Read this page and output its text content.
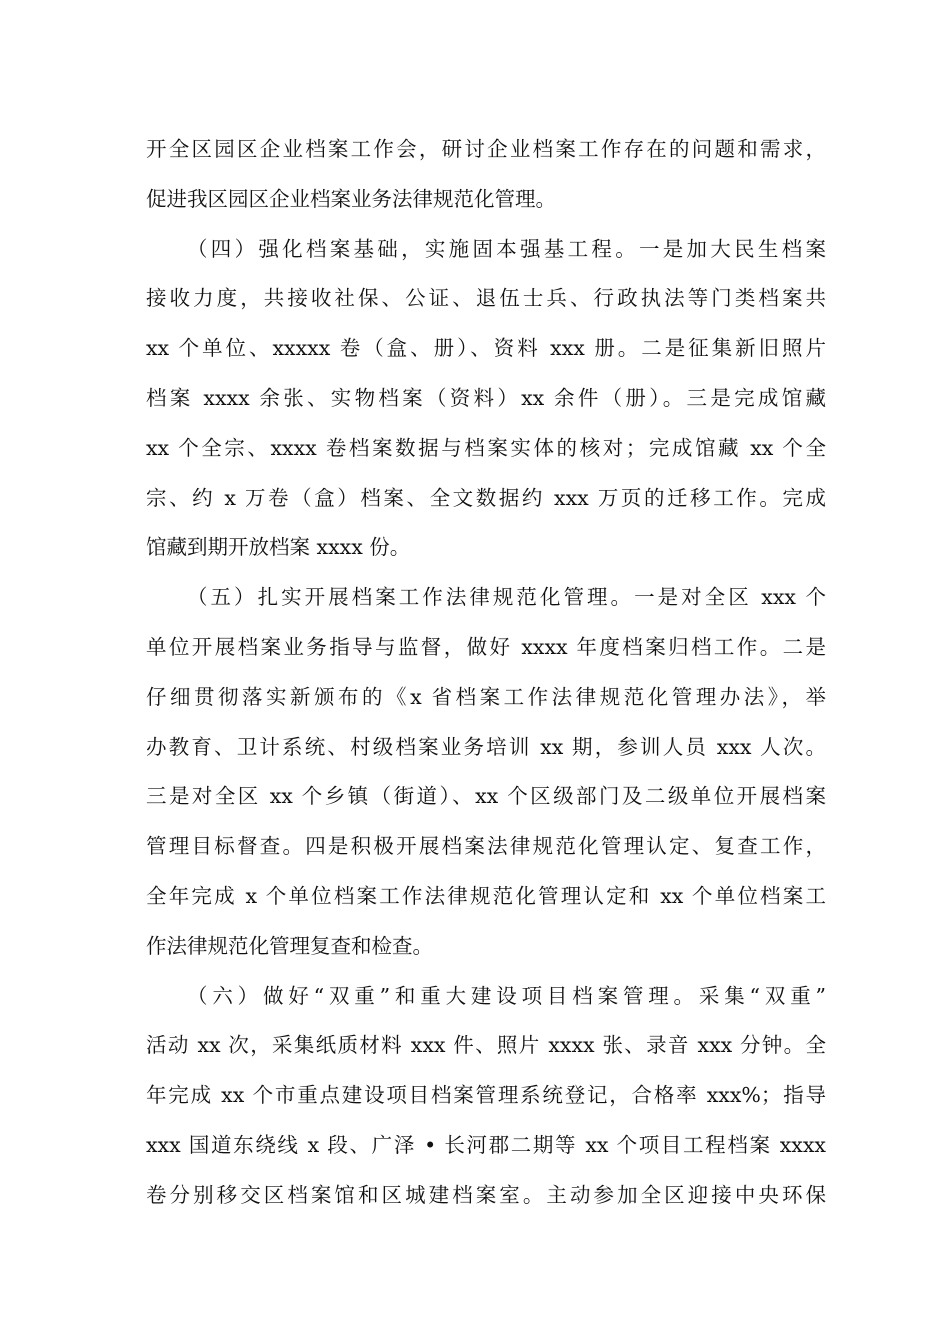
开全区园区企业档案工作会，研讨企业档案工作存在的问题和需求，
促进我区园区企业档案业务法律规范化管理。
（四）强化档案基础，实施固本强基工程。一是加大民生档案
接收力度，共接收社保、公证、退伍士兵、行政执法等门类档案共
xx 个单位、xxxxx 卷（盒、册）、资料 xxx 册。二是征集新旧照片
档案 xxxx 余张、实物档案（资料）xx 余件（册）。三是完成馆藏
xx 个全宗、xxxx 卷档案数据与档案实体的核对；完成馆藏 xx 个全
宗、约 x 万卷（盒）档案、全文数据约 xxx 万页的迁移工作。完成
馆藏到期开放档案 xxxx 份。
（五）扎实开展档案工作法律规范化管理。一是对全区 xxx 个
单位开展档案业务指导与监督，做好 xxxx 年度档案归档工作。二是
仔细贯彻落实新颁布的《x 省档案工作法律规范化管理办法》，举
办教育、卫计系统、村级档案业务培训 xx 期，参训人员 xxx 人次。
三是对全区 xx 个乡镇（街道）、xx 个区级部门及二级单位开展档案
管理目标督查。四是积极开展档案法律规范化管理认定、复查工作，
全年完成 x 个单位档案工作法律规范化管理认定和 xx 个单位档案工
作法律规范化管理复查和检查。
（六）做好“双重”和重大建设项目档案管理。采集“双重”
活动 xx 次，采集纸质材料 xxx 件、照片 xxxx 张、录音 xxx 分钟。全
年完成 xx 个市重点建设项目档案管理系统登记，合格率 xxx%；指导
xxx 国道东绕线 x 段、广泽 • 长河郡二期等 xx 个项目工程档案 xxxx
卷分别移交区档案馆和区城建档案室。主动参加全区迎接中央环保
